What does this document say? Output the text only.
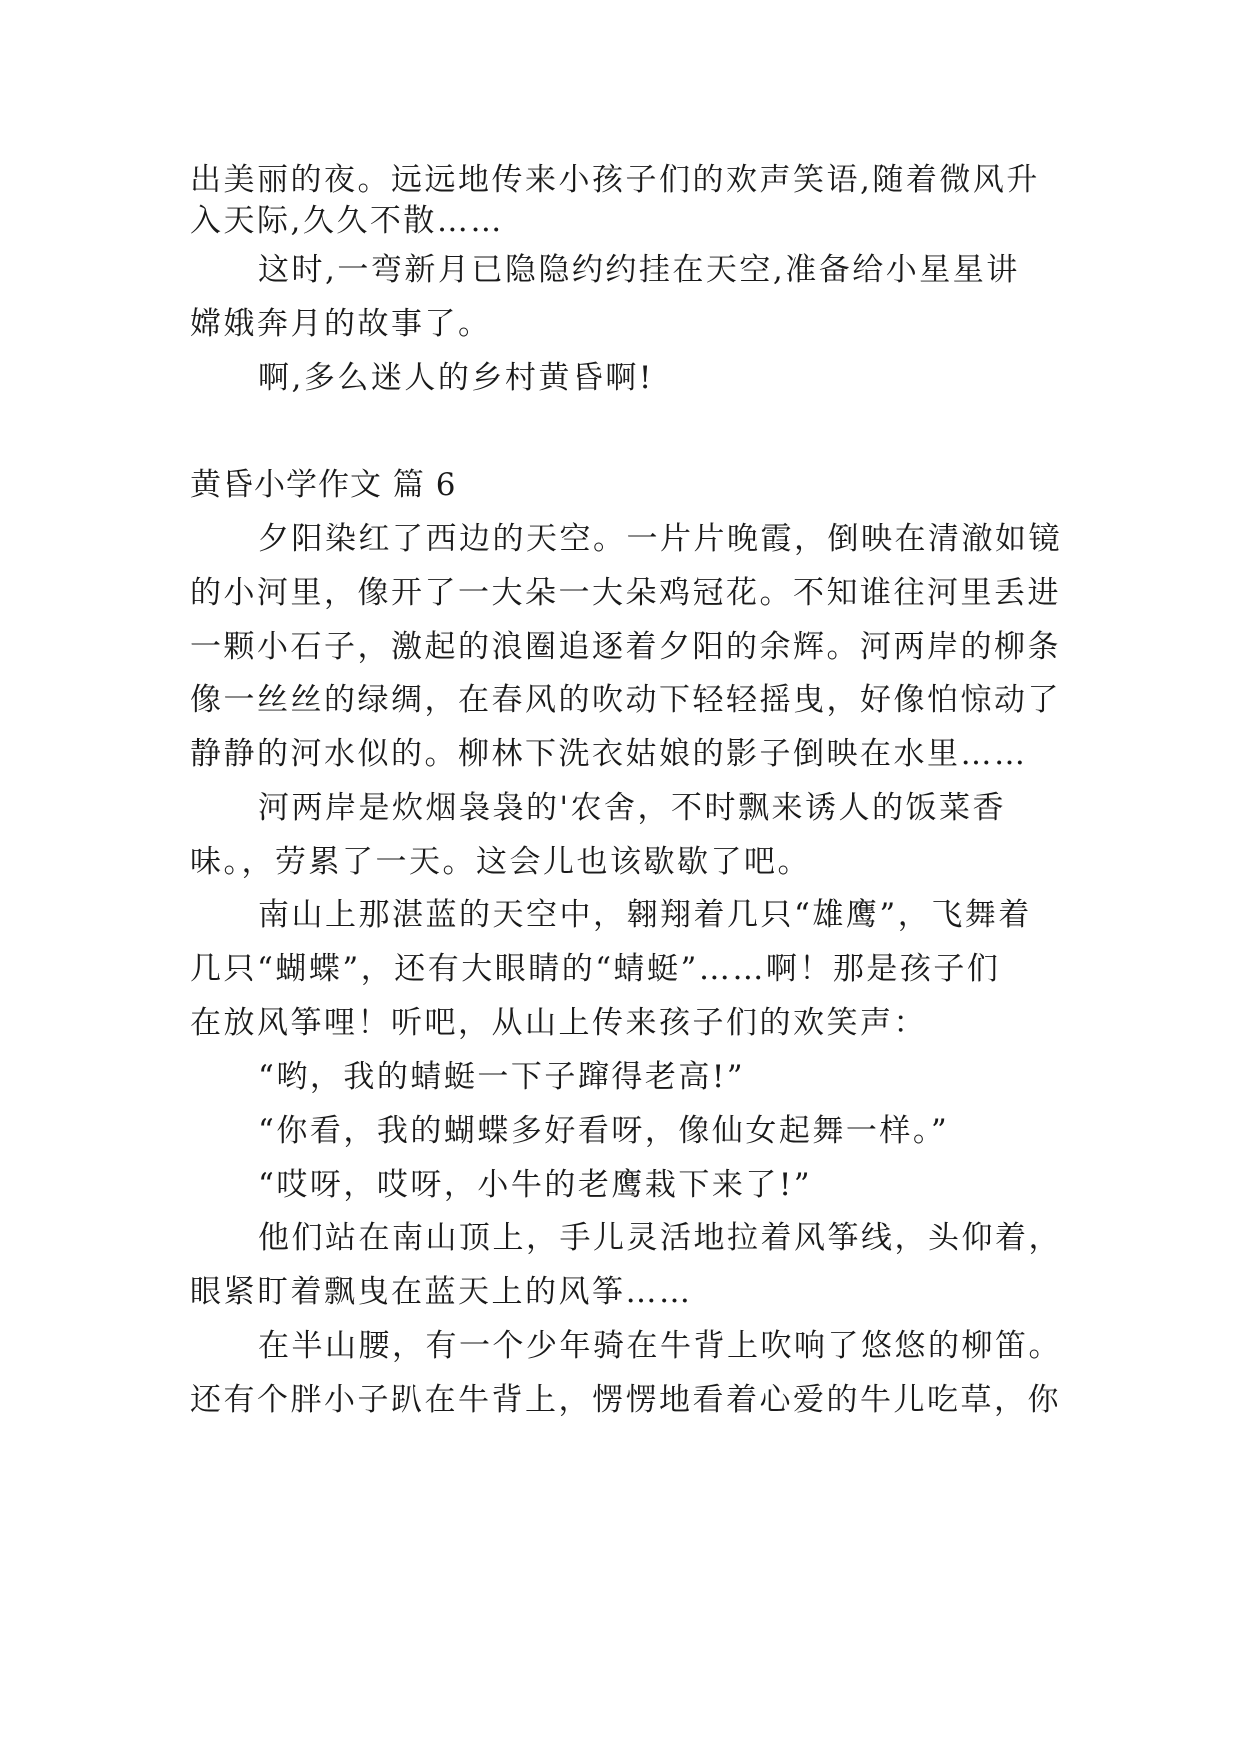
出美丽的夜。远远地传来小孩子们的欢声笑语,随着微风升
入天际,久久不散……
这时,一弯新月已隐隐约约挂在天空,准备给小星星讲
嫦娥奔月的故事了。
啊,多么迷人的乡村黄昏啊!
黄昏小学作文 篇 6
夕阳染红了西边的天空。一片片晚霞，倒映在清澈如镜
的小河里，像开了一大朵一大朵鸡冠花。不知谁往河里丢进
一颗小石子，激起的浪圈追逐着夕阳的余辉。河两岸的柳条
像一丝丝的绿绸，在春风的吹动下轻轻摇曳，好像怕惊动了
静静的河水似的。柳林下洗衣姑娘的影子倒映在水里……
河两岸是炊烟袅袅的'农舍，不时飘来诱人的饭菜香
味。，劳累了一天。这会儿也该歇歇了吧。
南山上那湛蓝的天空中，翱翔着几只“雄鹰”，飞舞着
几只“蝴蝶”，还有大眼睛的“蜻蜓”……啊！那是孩子们
在放风筝哩！听吧，从山上传来孩子们的欢笑声：
“哟，我的蜻蜓一下子蹿得老高!”
“你看，我的蝴蝶多好看呀，像仙女起舞一样。”
“哎呀，哎呀，小牛的老鹰栽下来了!”
他们站在南山顶上，手儿灵活地拉着风筝线，头仰着，
眼紧盯着飘曳在蓝天上的风筝……
在半山腰，有一个少年骑在牛背上吹响了悠悠的柳笛。
还有个胖小子趴在牛背上，愣愣地看着心爱的牛儿吃草，你
